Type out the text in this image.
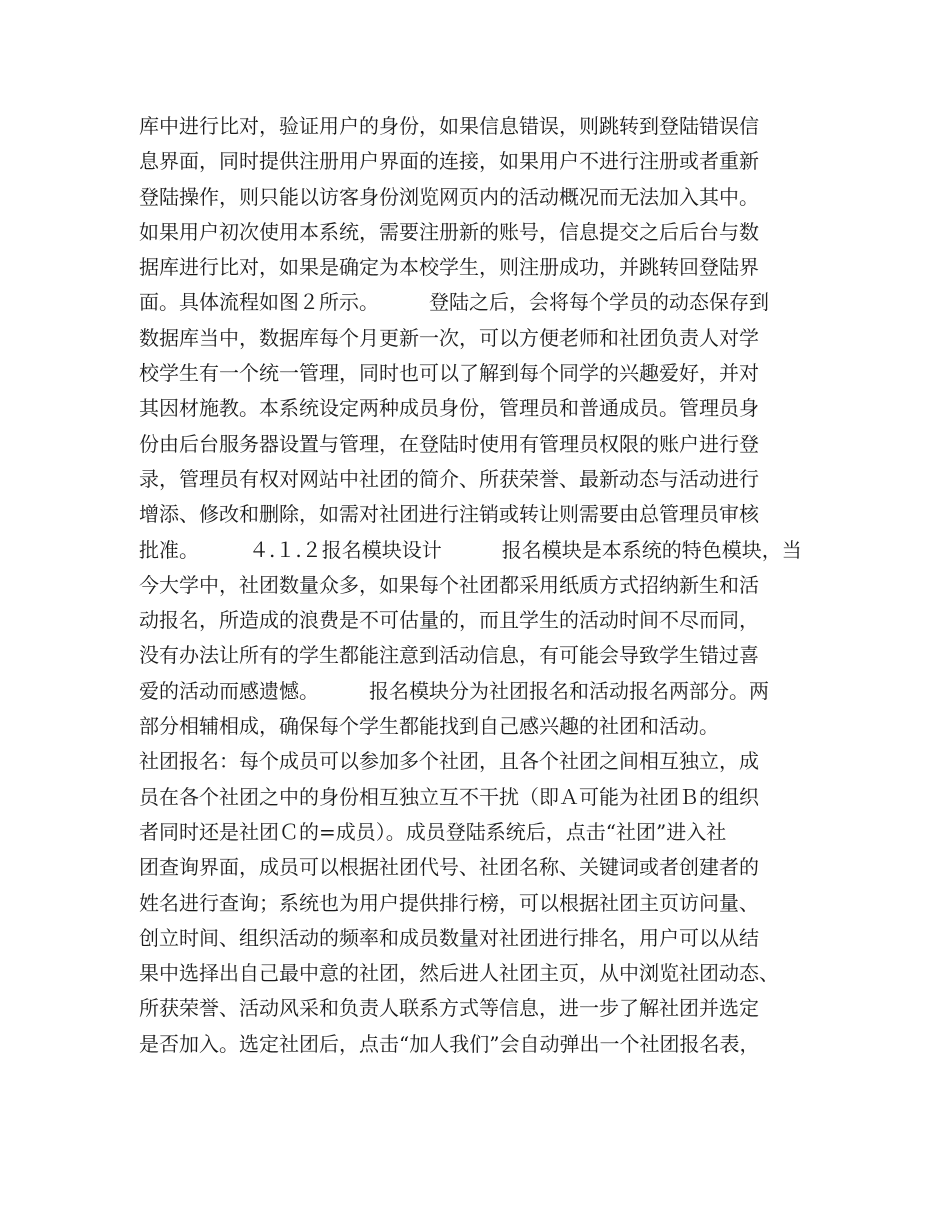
库中进行比对，验证用户的身份，如果信息错误，则跳转到登陆错误信
息界面，同时提供注册用户界面的连接，如果用户不进行注册或者重新
登陆操作，则只能以访客身份浏览网页内的活动概况而无法加入其中。
如果用户初次使用本系统，需要注册新的账号，信息提交之后后台与数
据库进行比对，如果是确定为本校学生，则注册成功，并跳转回登陆界
面。具体流程如图２所示。　　　登陆之后，会将每个学员的动态保存到
数据库当中，数据库每个月更新一次，可以方便老师和社团负责人对学
校学生有一个统一管理，同时也可以了解到每个同学的兴趣爱好，并对
其因材施教。本系统设定两种成员身份，管理员和普通成员。管理员身
份由后台服务器设置与管理，在登陆时使用有管理员权限的账户进行登
录，管理员有权对网站中社团的简介、所获荣誉、最新动态与活动进行
增添、修改和删除，如需对社团进行注销或转让则需要由总管理员审核
批准。　　　４.１.２报名模块设计　　　报名模块是本系统的特色模块，当
今大学中，社团数量众多，如果每个社团都采用纸质方式招纳新生和活
动报名，所造成的浪费是不可估量的，而且学生的活动时间不尽而同，
没有办法让所有的学生都能注意到活动信息，有可能会导致学生错过喜
爱的活动而感遗憾。　　　报名模块分为社团报名和活动报名两部分。两
部分相辅相成，确保每个学生都能找到自己感兴趣的社团和活动。
社团报名：每个成员可以参加多个社团，且各个社团之间相互独立，成
员在各个社团之中的身份相互独立互不干扰（即Ａ可能为社团Ｂ的组织
者同时还是社团Ｃ的=成员）。成员登陆系统后，点击“社团”进入社
团查询界面，成员可以根据社团代号、社团名称、关键词或者创建者的
姓名进行查询；系统也为用户提供排行榜，可以根据社团主页访问量、
创立时间、组织活动的频率和成员数量对社团进行排名，用户可以从结
果中选择出自己最中意的社团，然后进人社团主页，从中浏览社团动态、
所获荣誉、活动风采和负责人联系方式等信息，进一步了解社团并选定
是否加入。选定社团后，点击“加人我们”会自动弹出一个社团报名表，
